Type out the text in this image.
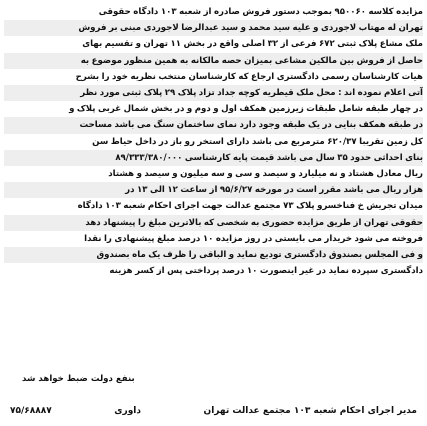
مزایده کلاسه ۹۵۰۰۶۰ بموجب دستور فروش صادره از شعبه ۱۰۳ دادگاه حقوقی
تهران له مهتاب لاجوردی و علیه سید محمد و سید عبدالرضا لاجوردی مبنی بر فروش
ملک مشاع پلاک ثبتی ۶۷۲ فرعی از ۳۲ اصلی واقع در بخش ۱۱ تهران و تقسیم بهای
حاصل از فروش بین مالکین مشاعی بمیزان حصه مالکانه به همین منظور موضوع به
هیات کارشناسان رسمی دادگستری ارجاع که کارشناسان منتخب نظریه خود را بشرح
آتی اعلام نموده اند : محل ملک قیطریه کوچه جداد تزاد پلاک ۲۹ پلاک ثبتی مورد نظر
در چهار طبقه شامل طبقات زیرزمین همکف اول و دوم و در بخش شمال غربی پلاک و
در طبقه همکف بنایی در یک طبقه وجود دارد نمای ساختمان سنگ می باشد مساحت
کل زمین تقریبا ۶۲۰/۳۷ مترمربع می باشد دارای استخر رو باز در داخل حیاط سن
بنای احداثی حدود ۳۵ سال می باشد قیمت پایه کارشناسی ۸۹/۳۳۳/۳۸۰/۰۰۰
ریال معادل هشتاد و نه میلیارد و سیصد و سی و سه میلیون و سیصد و هشتاد
هزار ریال می باشد مقرر است در مورخه ۹۵/۶/۲۷ از ساعت ۱۲ الی ۱۳ در
میدان تجریش خ فناخسرو پلاک ۷۳ مجتمع عدالت جهت اجرای احکام شعبه ۱۰۳ دادگاه
حقوقی تهران از طریق مزایده حضوری به شخصی که بالاترین مبلغ را پیشنهاد دهد
فروخته می شود خریدار می بایستی در روز مزایده ۱۰ درصد مبلغ پیشنهادی را نقدا
و فی المجلس بصندوق دادگستری تودیع نماید و الباقی را ظرف یک ماه بصندوق
دادگستری سپرده نماید در غیر اینصورت ۱۰ درصد پرداختی پس از کسر هزینه
بنفع دولت ضبط خواهد شد
مدیر اجرای احکام شعبه ۱۰۳ مجتمع عدالت تهران
داوری
۷۵/۶۸۸۸۷
